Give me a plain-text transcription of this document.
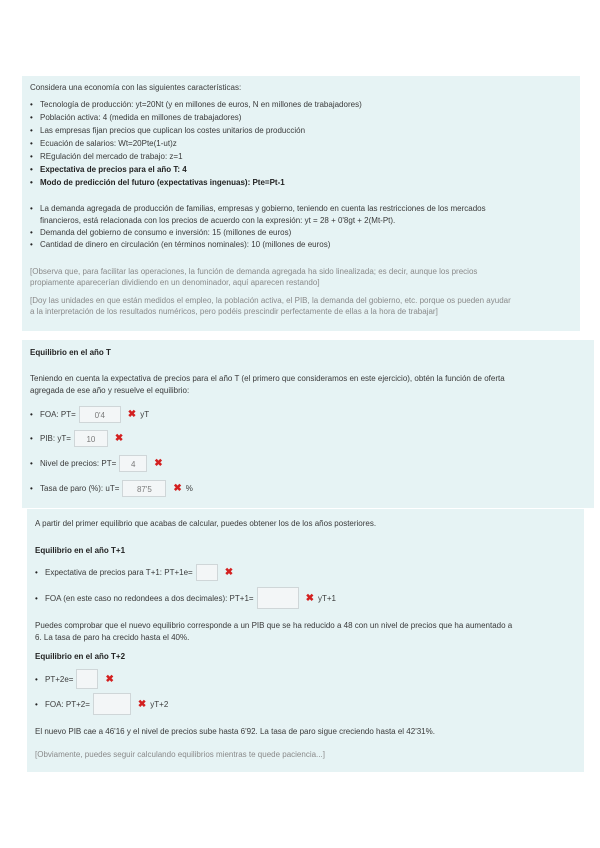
Considera una economía con las siguientes características:
• Tecnología de producción: yt=20Nt (y en millones de euros, N en millones de trabajadores)
• Población activa: 4 (medida en millones de trabajadores)
• Las empresas fijan precios que cuplican los costes unitarios de producción
• Ecuación de salarios: Wt=20Pte(1-ut)z
• REgulación del mercado de trabajo: z=1
• Expectativa de precios para el año T: 4
• Modo de predicción del futuro (expectativas ingenuas): Pte=Pt-1
• La demanda agregada de producción de familias, empresas y gobierno, teniendo en cuenta las restricciones de los mercados
financieros, está relacionada con los precios de acuerdo con la expresión: yt = 28 + 0'8gt + 2(Mt-Pt).
• Demanda del gobierno de consumo e inversión: 15 (millones de euros)
• Cantidad de dinero en circulación (en términos nominales): 10 (millones de euros)
[Observa que, para facilitar las operaciones, la función de demanda agregada ha sido linealizada; es decir, aunque los precios
propiamente aparecerían dividiendo en un denominador, aquí aparecen restando]
[Doy las unidades en que están medidos el empleo, la población activa, el PIB, la demanda del gobierno, etc. porque os pueden ayudar
a la interpretación de los resultados numéricos, pero podéis prescindir perfectamente de ellas a la hora de trabajar]
Equilibrio en el año T
Teniendo en cuenta la expectativa de precios para el año T (el primero que consideramos en este ejercicio), obtén la función de oferta
agregada de ese año y resuelve el equilibrio:
• FOA: PT=	0'4	✖ yT
• PIB: yT=	10	✖
• Nivel de precios: PT=	4	✖
• Tasa de paro (%): uT=	87'5	✖ %
A partir del primer equilibrio que acabas de calcular, puedes obtener los de los años posteriores.
Equilibrio en el año T+1
• Expectativa de precios para T+1: PT+1e=	✖
• FOA (en este caso no redondees a dos decimales): PT+1=	✖ yT+1
Puedes comprobar que el nuevo equilibrio corresponde a un PIB que se ha reducido a 48 con un nivel de precios que ha aumentado a
6. La tasa de paro ha crecido hasta el 40%.
Equilibrio en el año T+2
• PT+2e=	✖
• FOA: PT+2=	✖ yT+2
El nuevo PIB cae a 46'16 y el nivel de precios sube hasta 6'92. La tasa de paro sigue creciendo hasta el 42'31%.
[Obviamente, puedes seguir calculando equilibrios mientras te quede paciencia...]
